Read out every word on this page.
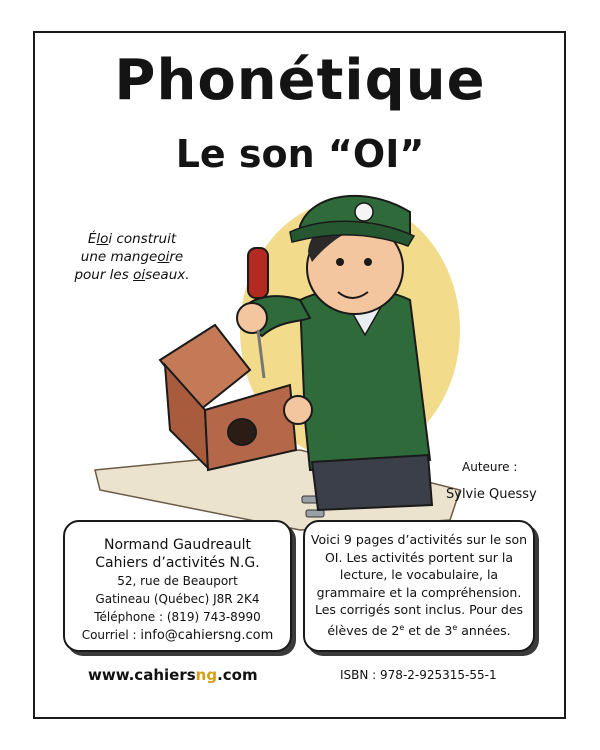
Phonétique
Le son “OI”
Éloi construit
une mangeoire
pour les oiseaux.
Auteure :
Sylvie Quessy
Normand Gaudreault
Cahiers d’activités N.G.
52, rue de Beauport
Gatineau (Québec) J8R 2K4
Téléphone : (819) 743-8990
Courriel : info@cahiersng.com

Voici 9 pages d’activités sur le son

OI. Les activités portent sur la

lecture, le vocabulaire, la

grammaire et la compréhension.

Les corrigés sont inclus. Pour des

élèves de 2e et de 3e années.

www.cahiersng.com	ISBN : 978-2-925315-55-1
